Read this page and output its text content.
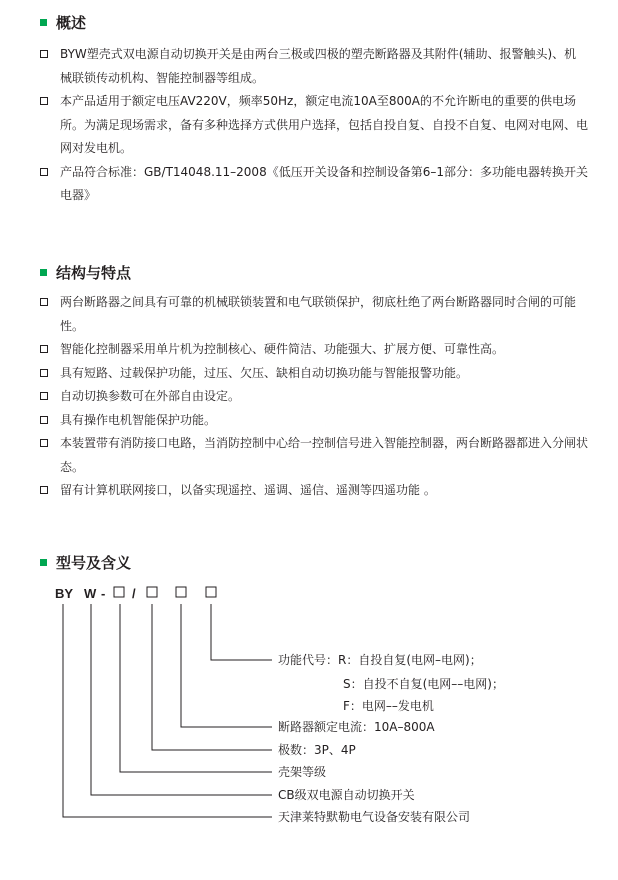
概述
BYW塑壳式双电源自动切换开关是由两台三极或四极的塑壳断路器及其附件(辅助、报警触头)、机械联锁传动机构、智能控制器等组成。
本产品适用于额定电压AV220V，频率50Hz，额定电流10A至800A的不允许断电的重要的供电场所。为满足现场需求，备有多种选择方式供用户选择，包括自投自复、自投不自复、电网对电网、电网对发电机。
产品符合标准：GB/T14048.11–2008《低压开关设备和控制设备第6–1部分：多功能电器转换开关电器》
结构与特点
两台断路器之间具有可靠的机械联锁装置和电气联锁保护，彻底杜绝了两台断路器同时合闸的可能性。
智能化控制器采用单片机为控制核心、硬件简洁、功能强大、扩展方便、可靠性高。
具有短路、过载保护功能，过压、欠压、缺相自动切换功能与智能报警功能。
自动切换参数可在外部自由设定。
具有操作电机智能保护功能。
本装置带有消防接口电路，当消防控制中心给一控制信号进入智能控制器，两台断路器都进入分闸状态。
留有计算机联网接口，以备实现遥控、遥调、遥信、遥测等四遥功能 。
型号及含义
BY W - /
功能代号：R：自投自复(电网–电网)；
S：自投不自复(电网––电网)；
F：电网––发电机
断路器额定电流：10A–800A
极数：3P、4P
壳架等级
CB级双电源自动切换开关
天津莱特默勒电气设备安装有限公司
